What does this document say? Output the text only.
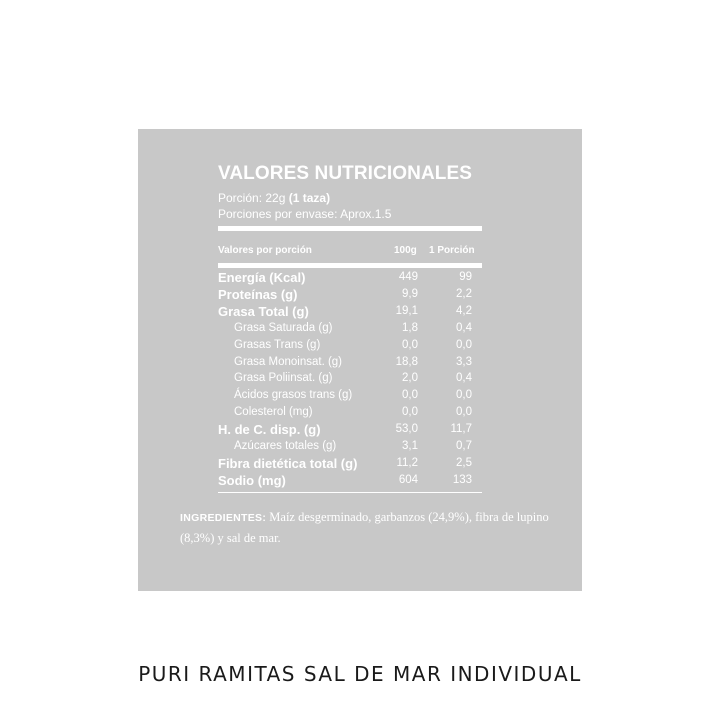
VALORES NUTRICIONALES
Porción: 22g (1 taza)
Porciones por envase: Aprox.1.5
Valores por porción	100g 1 Porción
Energía (Kcal)	449	99
Proteínas (g)	9,9	2,2
Grasa Total (g)	19,1	4,2
Grasa Saturada (g)	1,8	0,4
Grasas Trans (g)	0,0	0,0
Grasa Monoinsat. (g)	18,8	3,3
Grasa Poliinsat. (g)	2,0	0,4
Ácidos grasos trans (g)	0,0	0,0
Colesterol (mg)	0,0	0,0
H. de C. disp. (g)	53,0	11,7
Azúcares totales (g)	3,1	0,7
Fibra dietética total (g)	11,2	2,5
Sodio (mg)	604	133
INGREDIENTES: Maíz desgerminado, garbanzos (24,9%), fibra de lupino (8,3%) y sal de mar.
PURI RAMITAS SAL DE MAR INDIVIDUAL
